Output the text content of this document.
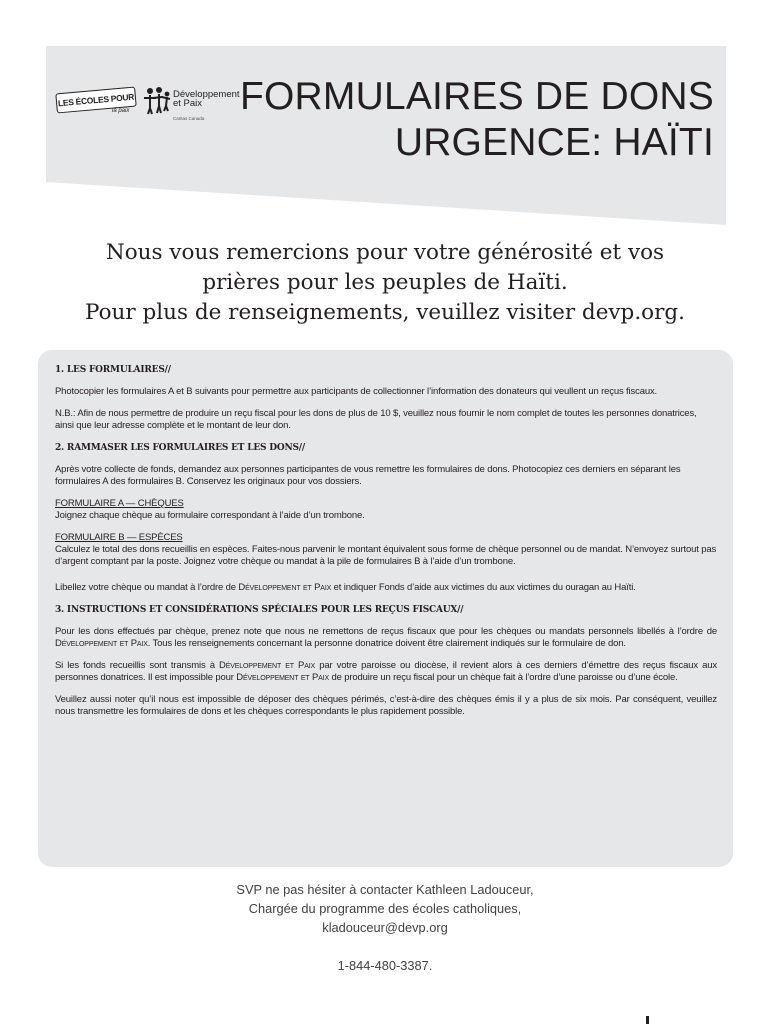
LES ÉCOLES POUR
la paix
Développement
et Paix
Caritas Canada
FORMULAIRES DE DONS
URGENCE: HAÏTI
Nous vous remercions pour votre générosité et vos
prières pour les peuples de Haïti.
Pour plus de renseignements, veuillez visiter devp.org.
1. LES FORMULAIRES//

Photocopier les formulaires A et B suivants pour permettre aux participants de collectionner l’information des donateurs qui veullent un reçus fiscaux.

N.B.: Afin de nous permettre de produire un reçu fiscal pour les dons de plus de 10 $, veuillez nous fournir le nom complet de toutes les personnes donatrices, ainsi que leur adresse complète et le montant de leur don.

2. RAMMASER LES FORMULAIRES ET LES DONS//

Après votre collecte de fonds, demandez aux personnes participantes de vous remettre les formulaires de dons. Photocopiez ces derniers en séparant les formulaires A des formulaires B. Conservez les originaux pour vos dossiers.

FORMULAIRE A — CHÈQUES

Joignez chaque chèque au formulaire correspondant à l’aide d’un trombone.

FORMULAIRE B — ESPÈCES

Calculez le total des dons recueillis en espèces. Faites-nous parvenir le montant équivalent sous forme de chèque personnel ou de mandat. N’envoyez surtout pas d’argent comptant par la poste. Joignez votre chèque ou mandat à la pile de formulaires B à l’aide d’un trombone.

Libellez votre chèque ou mandat à l’ordre de Développement et Paix et indiquer Fonds d’aide aux victimes du aux victimes du ouragan au Haïti.

3. INSTRUCTIONS ET CONSIDÉRATIONS SPÉCIALES POUR LES REÇUS FISCAUX//

Pour les dons effectués par chèque, prenez note que nous ne remettons de reçus fiscaux que pour les chèques ou mandats personnels libellés à l’ordre de Développement et Paix. Tous les renseignements concernant la personne donatrice doivent être clairement indiqués sur le formulaire de don.

Si les fonds recueillis sont transmis à Développement et Paix par votre paroisse ou diocèse, il revient alors à ces derniers d’émettre des reçus fiscaux aux personnes donatrices. Il est impossible pour Développement et Paix de produire un reçu fiscal pour un chèque fait à l’ordre d’une paroisse ou d’une école.

Veuillez aussi noter qu’il nous est impossible de déposer des chèques périmés, c’est-à-dire des chèques émis il y a plus de six mois. Par conséquent, veuillez nous transmettre les formulaires de dons et les chèques correspondants le plus rapidement possible.

SVP ne pas hésiter à contacter Kathleen Ladouceur,
Chargée du programme des écoles catholiques,
kladouceur@devp.org
1-844-480-3387.
